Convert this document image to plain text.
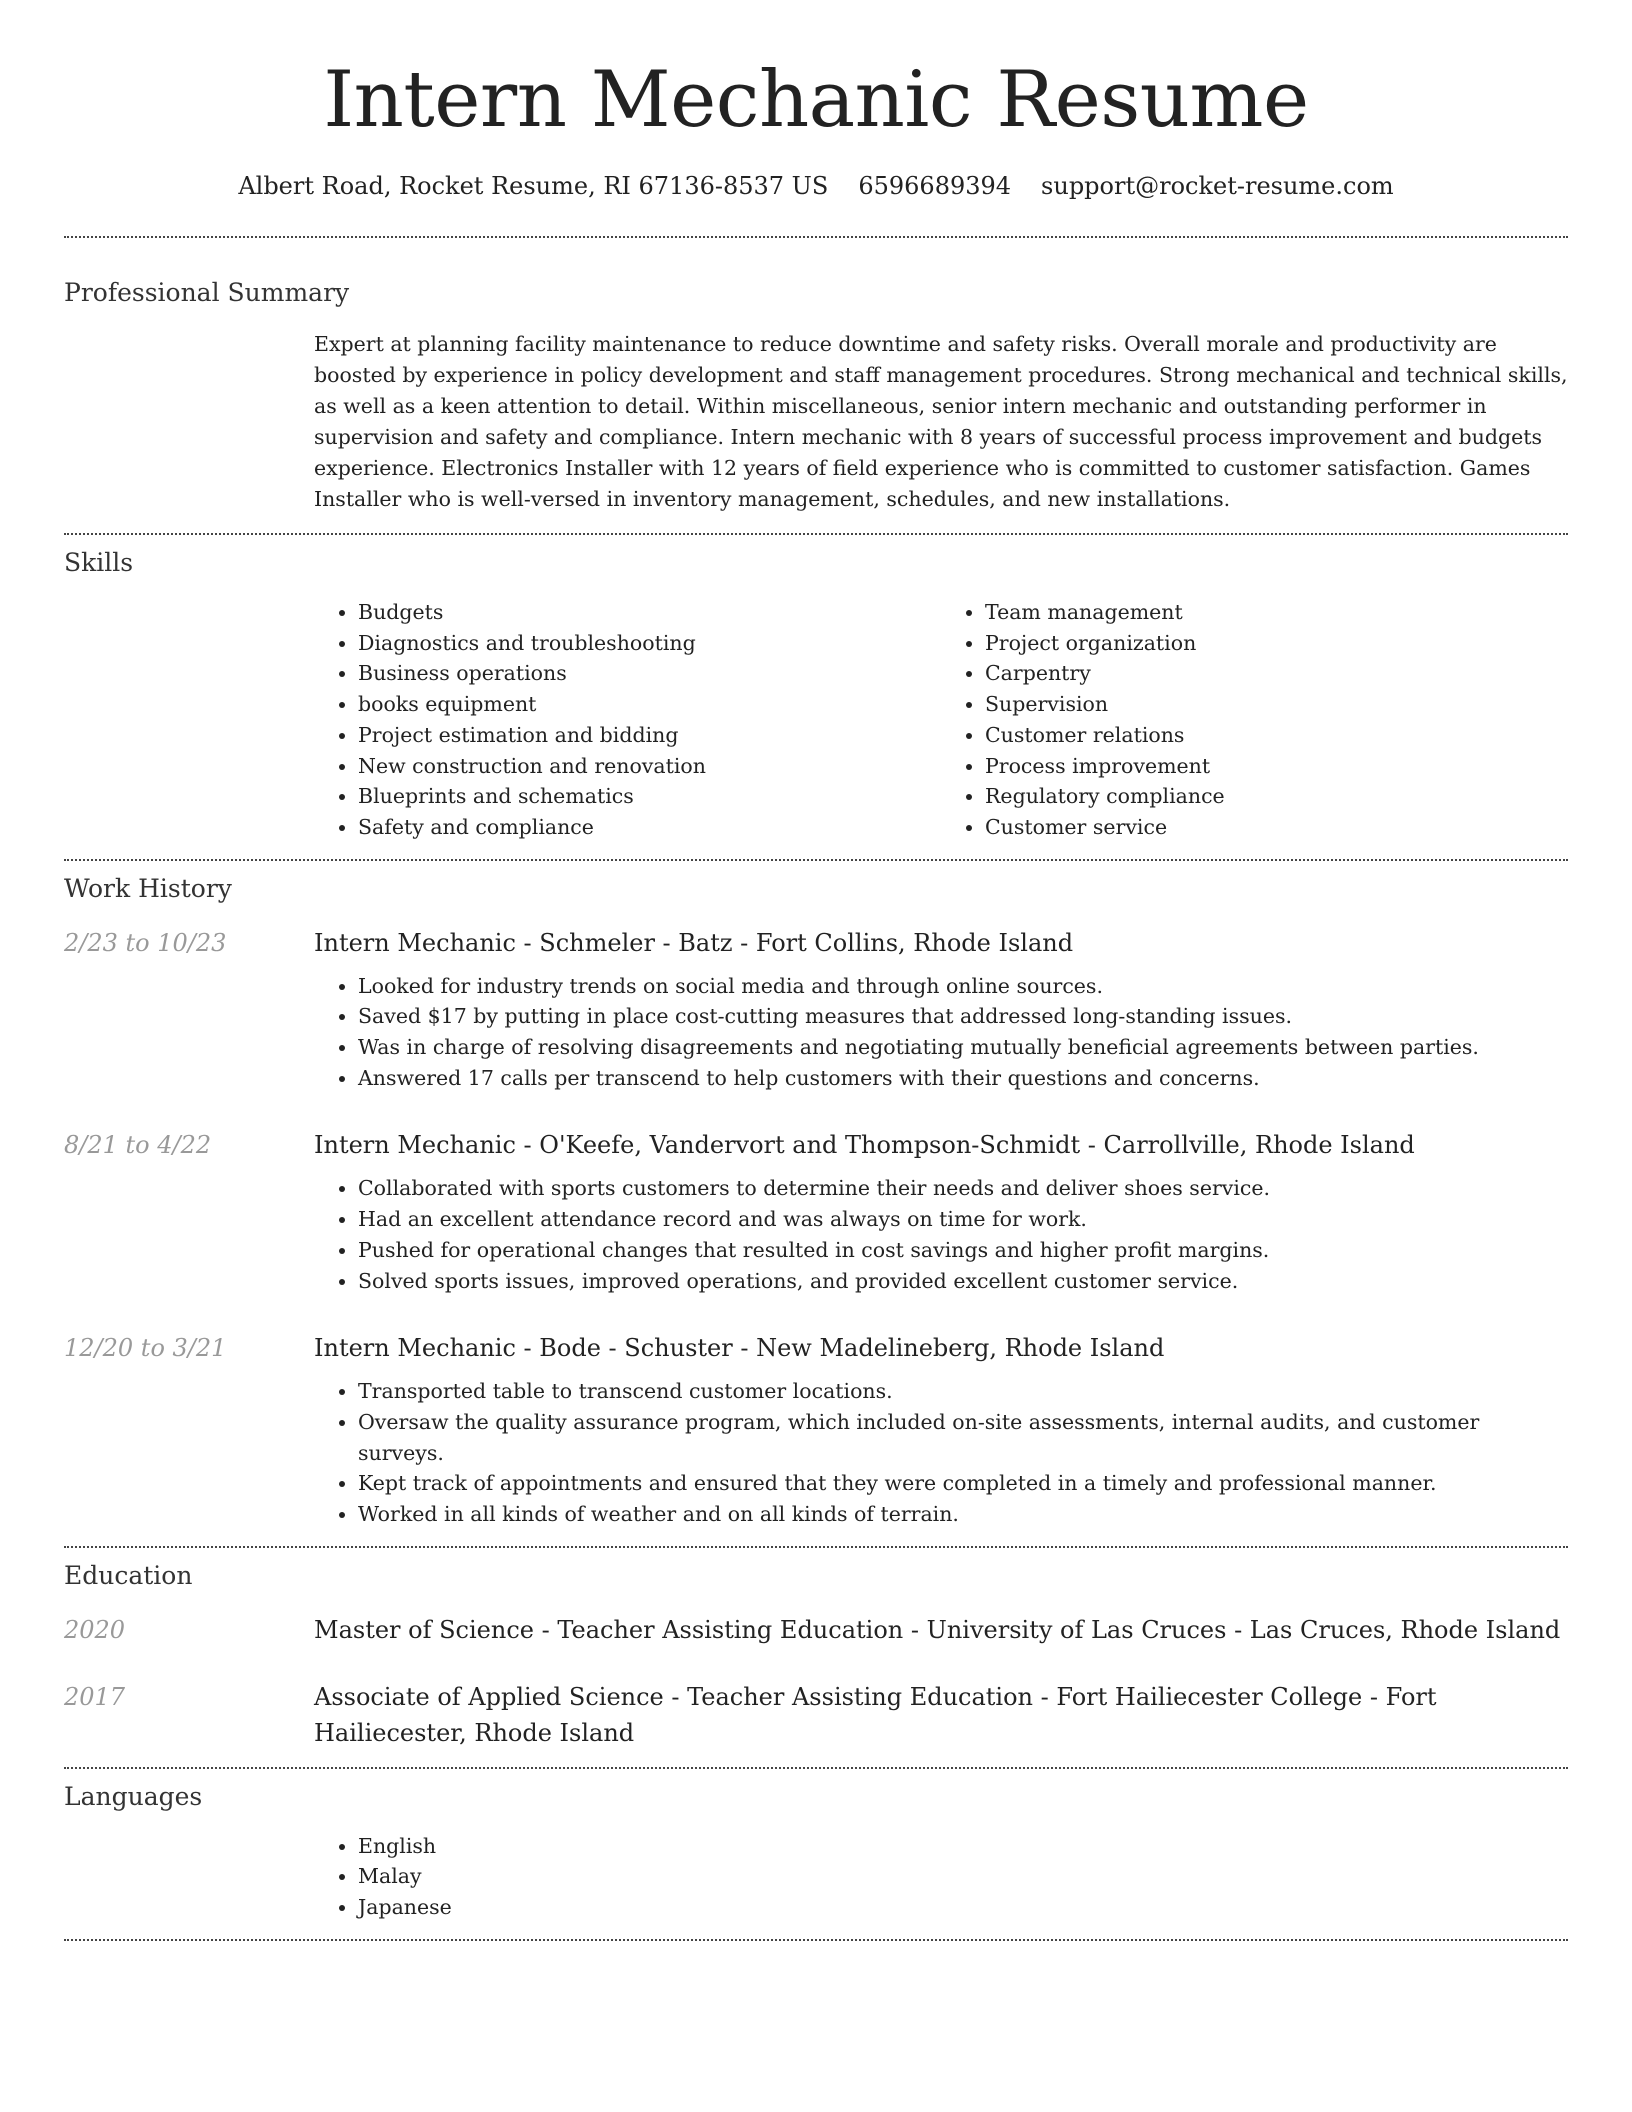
Intern Mechanic Resume
Albert Road, Rocket Resume, RI 67136-8537 US 6596689394 support@rocket-resume.com
Professional Summary

Expert at planning facility maintenance to reduce downtime and safety risks. Overall morale and productivity are boosted by experience in policy development and staff management procedures. Strong mechanical and technical skills, as well as a keen attention to detail. Within miscellaneous, senior intern mechanic and outstanding performer in supervision and safety and compliance. Intern mechanic with 8 years of successful process improvement and budgets experience. Electronics Installer with 12 years of field experience who is committed to customer satisfaction. Games Installer who is well-versed in inventory management, schedules, and new installations.

Skills
• Budgets
• Diagnostics and troubleshooting
• Business operations
• books equipment
• Project estimation and bidding
• New construction and renovation
• Blueprints and schematics
• Safety and compliance
• Team management
• Project organization
• Carpentry
• Supervision
• Customer relations
• Process improvement
• Regulatory compliance
• Customer service
Work History
2/23 to 10/23	Intern Mechanic - Schmeler - Batz - Fort Collins, Rhode Island
• Looked for industry trends on social media and through online sources.
• Saved $17 by putting in place cost-cutting measures that addressed long-standing issues.
• Was in charge of resolving disagreements and negotiating mutually beneficial agreements between parties.
• Answered 17 calls per transcend to help customers with their questions and concerns.
8/21 to 4/22	Intern Mechanic - O'Keefe, Vandervort and Thompson-Schmidt - Carrollville, Rhode Island
• Collaborated with sports customers to determine their needs and deliver shoes service.
• Had an excellent attendance record and was always on time for work.
• Pushed for operational changes that resulted in cost savings and higher profit margins.
• Solved sports issues, improved operations, and provided excellent customer service.
12/20 to 3/21	Intern Mechanic - Bode - Schuster - New Madelineberg, Rhode Island
• Transported table to transcend customer locations.
• Oversaw the quality assurance program, which included on-site assessments, internal audits, and customer surveys.
• Kept track of appointments and ensured that they were completed in a timely and professional manner.
• Worked in all kinds of weather and on all kinds of terrain.
Education
2020	Master of Science - Teacher Assisting Education - University of Las Cruces - Las Cruces, Rhode Island
2017	Associate of Applied Science - Teacher Assisting Education - Fort Hailiecester College - Fort Hailiecester, Rhode Island
Languages
• English
• Malay
• Japanese
